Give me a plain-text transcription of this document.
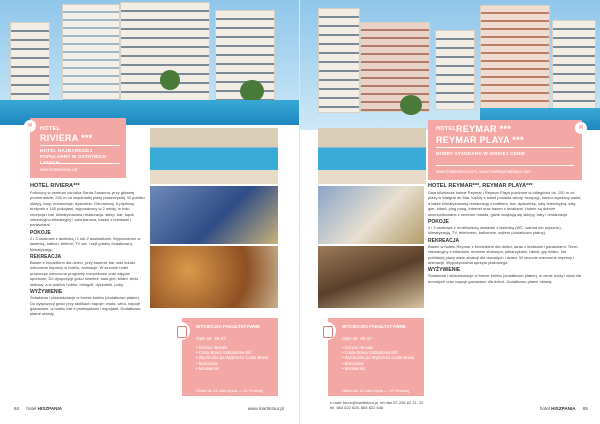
H	HOTEL
RIVIERA ***
HOTEL NAJBARDZIEJ POPULARNY W OSTATNICH
www.hotelriviera.cat
HOTEL RIVIERA***

Położony w centrum ośrodka Santa Susanna, przy głównej promenadzie, 200 m od wspaniałej plaży piaszczystej. W pobliżu sklepy, bary, restauracje, dyskoteki. Odnowiony, 6-piętrowy budynek z 150 pokojami, wyposażony w 2 windy, w holu recepcja i bar, klimatyzowana restauracja, sklep, bar, kącik rekreacyjno-telewizyjny i sala barowa, basen z leżakami i parasolami.

POKOJE

2 i 3 osobowe z łazienką i 1 lub 2 dostawkami. Wyposażone w łazienkę, balkon, telefon, TV sat. i sejf (płatny dodatkowo), klimatyzację.

REKREACJA

Basen z brodzikiem dla dzieci, przy basenie bar oraz leżaki, wieczorne imprezy w hotelu, animacje. W sezonie hotel proponuje wieczorne programy rozrywkowe oraz zajęcia sportowe. Do dyspozycji gości również: sala gier, bilard, tenis stołowy, a w pobliżu hotelu: minigolf, dyskoteki, puby.

WYŻYWIENIE

Śniadania i obiadokolacje w formie bufetu (dodatkowo płatne). Do dyspozycji gości przy stolikach napoje: woda, wino, napoje gazowane, w hotelu bar z przekąskami i napojami. Dodatkowo płatne obiady.

WYCIECZKI FAKULTATYWNE
Opis str. 46-47
• Girona i Besalu
• Costa Brava Sobtadoma Bift
• Wycieczka po Wybrzeżu Costa Brava
• Barcelona
• Montserrat
Obiad do 12 roku życia — 10 % taniej
84 hotel HISZPANIA	www.martintour.pl
H
HOTEL REYMAR ***
REYMAR PLAYA ***
DOBRY STANDARD W NISKIEJ CENIE
www.hotelreymar.com, www.hotelreymarplaya.com
HOTEL REYMAR***, REYMAR PLAYA***

Dwa bliźniacze hotele Reymar i Reymar Playa położone w odległości ok. 100 m od plaży w Malgrat de Mar. Każdy z hoteli posiada windy, recepcję, kantor wymiany walut, a także klimatyzowaną restaurację z bufetem, bar, dyskotekę, salę telewizyjną, salę gier, bilard, ping pong, internet oraz basen z leżakami. Hotele są dobrze skomunikowane z centrum miasta, gdzie znajdują się sklepy, bary i restauracje.

POKOJE

2 i 3 osobowe z możliwością dostawki z łazienką (WC, wanna lub prysznic), klimatyzacją, TV, telefonem, balkonem, sejfem (dodatkowo płatny).

REKREACJA

Basen w hotelu Reymar z brodzikiem dla dzieci, taras z leżakami i parasolami. Teren rekreacyjny z bilardami, tenisem stołowym, piłkarzykami, bilard, gry wideo. Na pobliskiej plaży wiele atrakcji dla dorosłych i dzieci. W sezonie wieczorne imprezy i animacje. Wypożyczalnia sprzętu plażowego.

WYŻYWIENIE

Śniadania i obiadokolacje w formie bufetu (dodatkowo płatne), w cenie wody i wina dla dorosłych oraz napoje gazowane dla dzieci. Dodatkowo płatne obiady.

WYCIECZKI FAKULTATYWNE
Opis str. 46-47
• Girona i Besalu
• Costa Brava Sobtadoma Bift
• Wycieczka po Wybrzeżu Costa Brava
• Barcelona
• Montserrat
Obiad do 12 roku życia — 10 % taniej
e-mail: biuro@martintour.pl, tel./fax 67-255 62 21, 22
tel. 664 622 626, 664 622 646	hotel HISZPANIA 85
